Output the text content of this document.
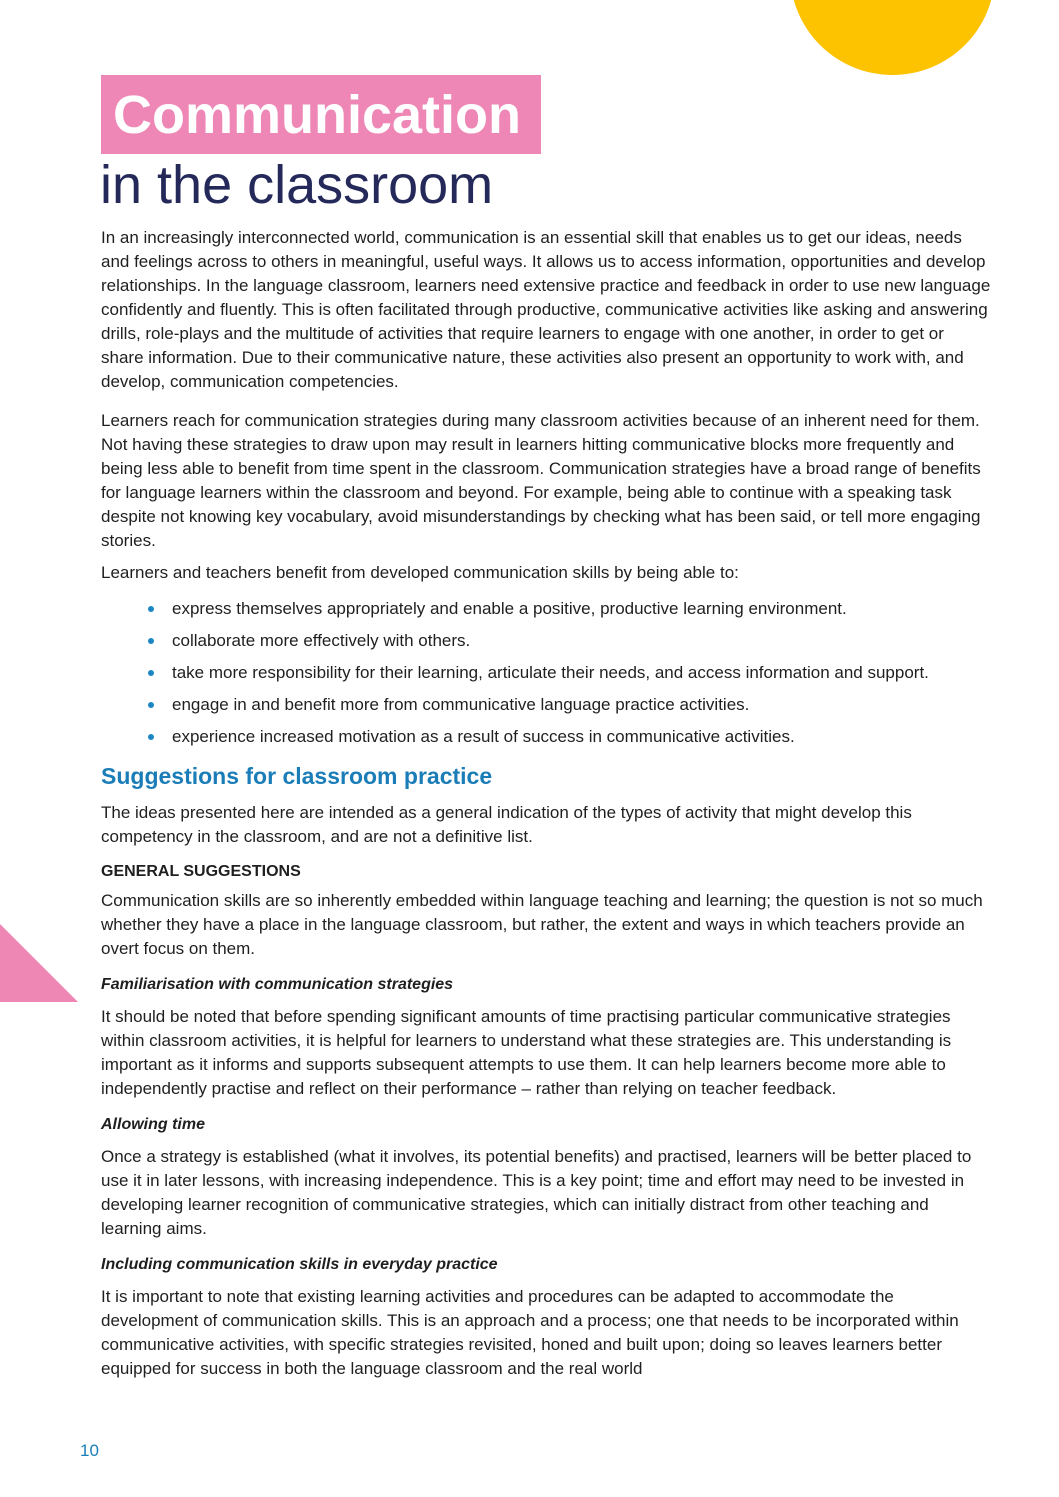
Communication
in the classroom

In an increasingly interconnected world, communication is an essential skill that enables us to get our ideas, needs and feelings across to others in meaningful, useful ways. It allows us to access information, opportunities and develop relationships. In the language classroom, learners need extensive practice and feedback in order to use new language confidently and fluently. This is often facilitated through productive, communicative activities like asking and answering drills, role-plays and the multitude of activities that require learners to engage with one another, in order to get or share information. Due to their communicative nature, these activities also present an opportunity to work with, and develop, communication competencies.

Learners reach for communication strategies during many classroom activities because of an inherent need for them. Not having these strategies to draw upon may result in learners hitting communicative blocks more frequently and being less able to benefit from time spent in the classroom. Communication strategies have a broad range of benefits for language learners within the classroom and beyond. For example, being able to continue with a speaking task despite not knowing key vocabulary, avoid misunderstandings by checking what has been said, or tell more engaging stories.

Learners and teachers benefit from developed communication skills by being able to:

express themselves appropriately and enable a positive, productive learning environment.
collaborate more effectively with others.
take more responsibility for their learning, articulate their needs, and access information and support.
engage in and benefit more from communicative language practice activities.
experience increased motivation as a result of success in communicative activities.
Suggestions for classroom practice

The ideas presented here are intended as a general indication of the types of activity that might develop this competency in the classroom, and are not a definitive list.

GENERAL SUGGESTIONS

Communication skills are so inherently embedded within language teaching and learning; the question is not so much whether they have a place in the language classroom, but rather, the extent and ways in which teachers provide an overt focus on them.

Familiarisation with communication strategies

It should be noted that before spending significant amounts of time practising particular communicative strategies within classroom activities, it is helpful for learners to understand what these strategies are. This understanding is important as it informs and supports subsequent attempts to use them. It can help learners become more able to independently practise and reflect on their performance – rather than relying on teacher feedback.

Allowing time

Once a strategy is established (what it involves, its potential benefits) and practised, learners will be better placed to use it in later lessons, with increasing independence. This is a key point; time and effort may need to be invested in developing learner recognition of communicative strategies, which can initially distract from other teaching and learning aims.

Including communication skills in everyday practice

It is important to note that existing learning activities and procedures can be adapted to accommodate the development of communication skills. This is an approach and a process; one that needs to be incorporated within communicative activities, with specific strategies revisited, honed and built upon; doing so leaves learners better equipped for success in both the language classroom and the real world

10
